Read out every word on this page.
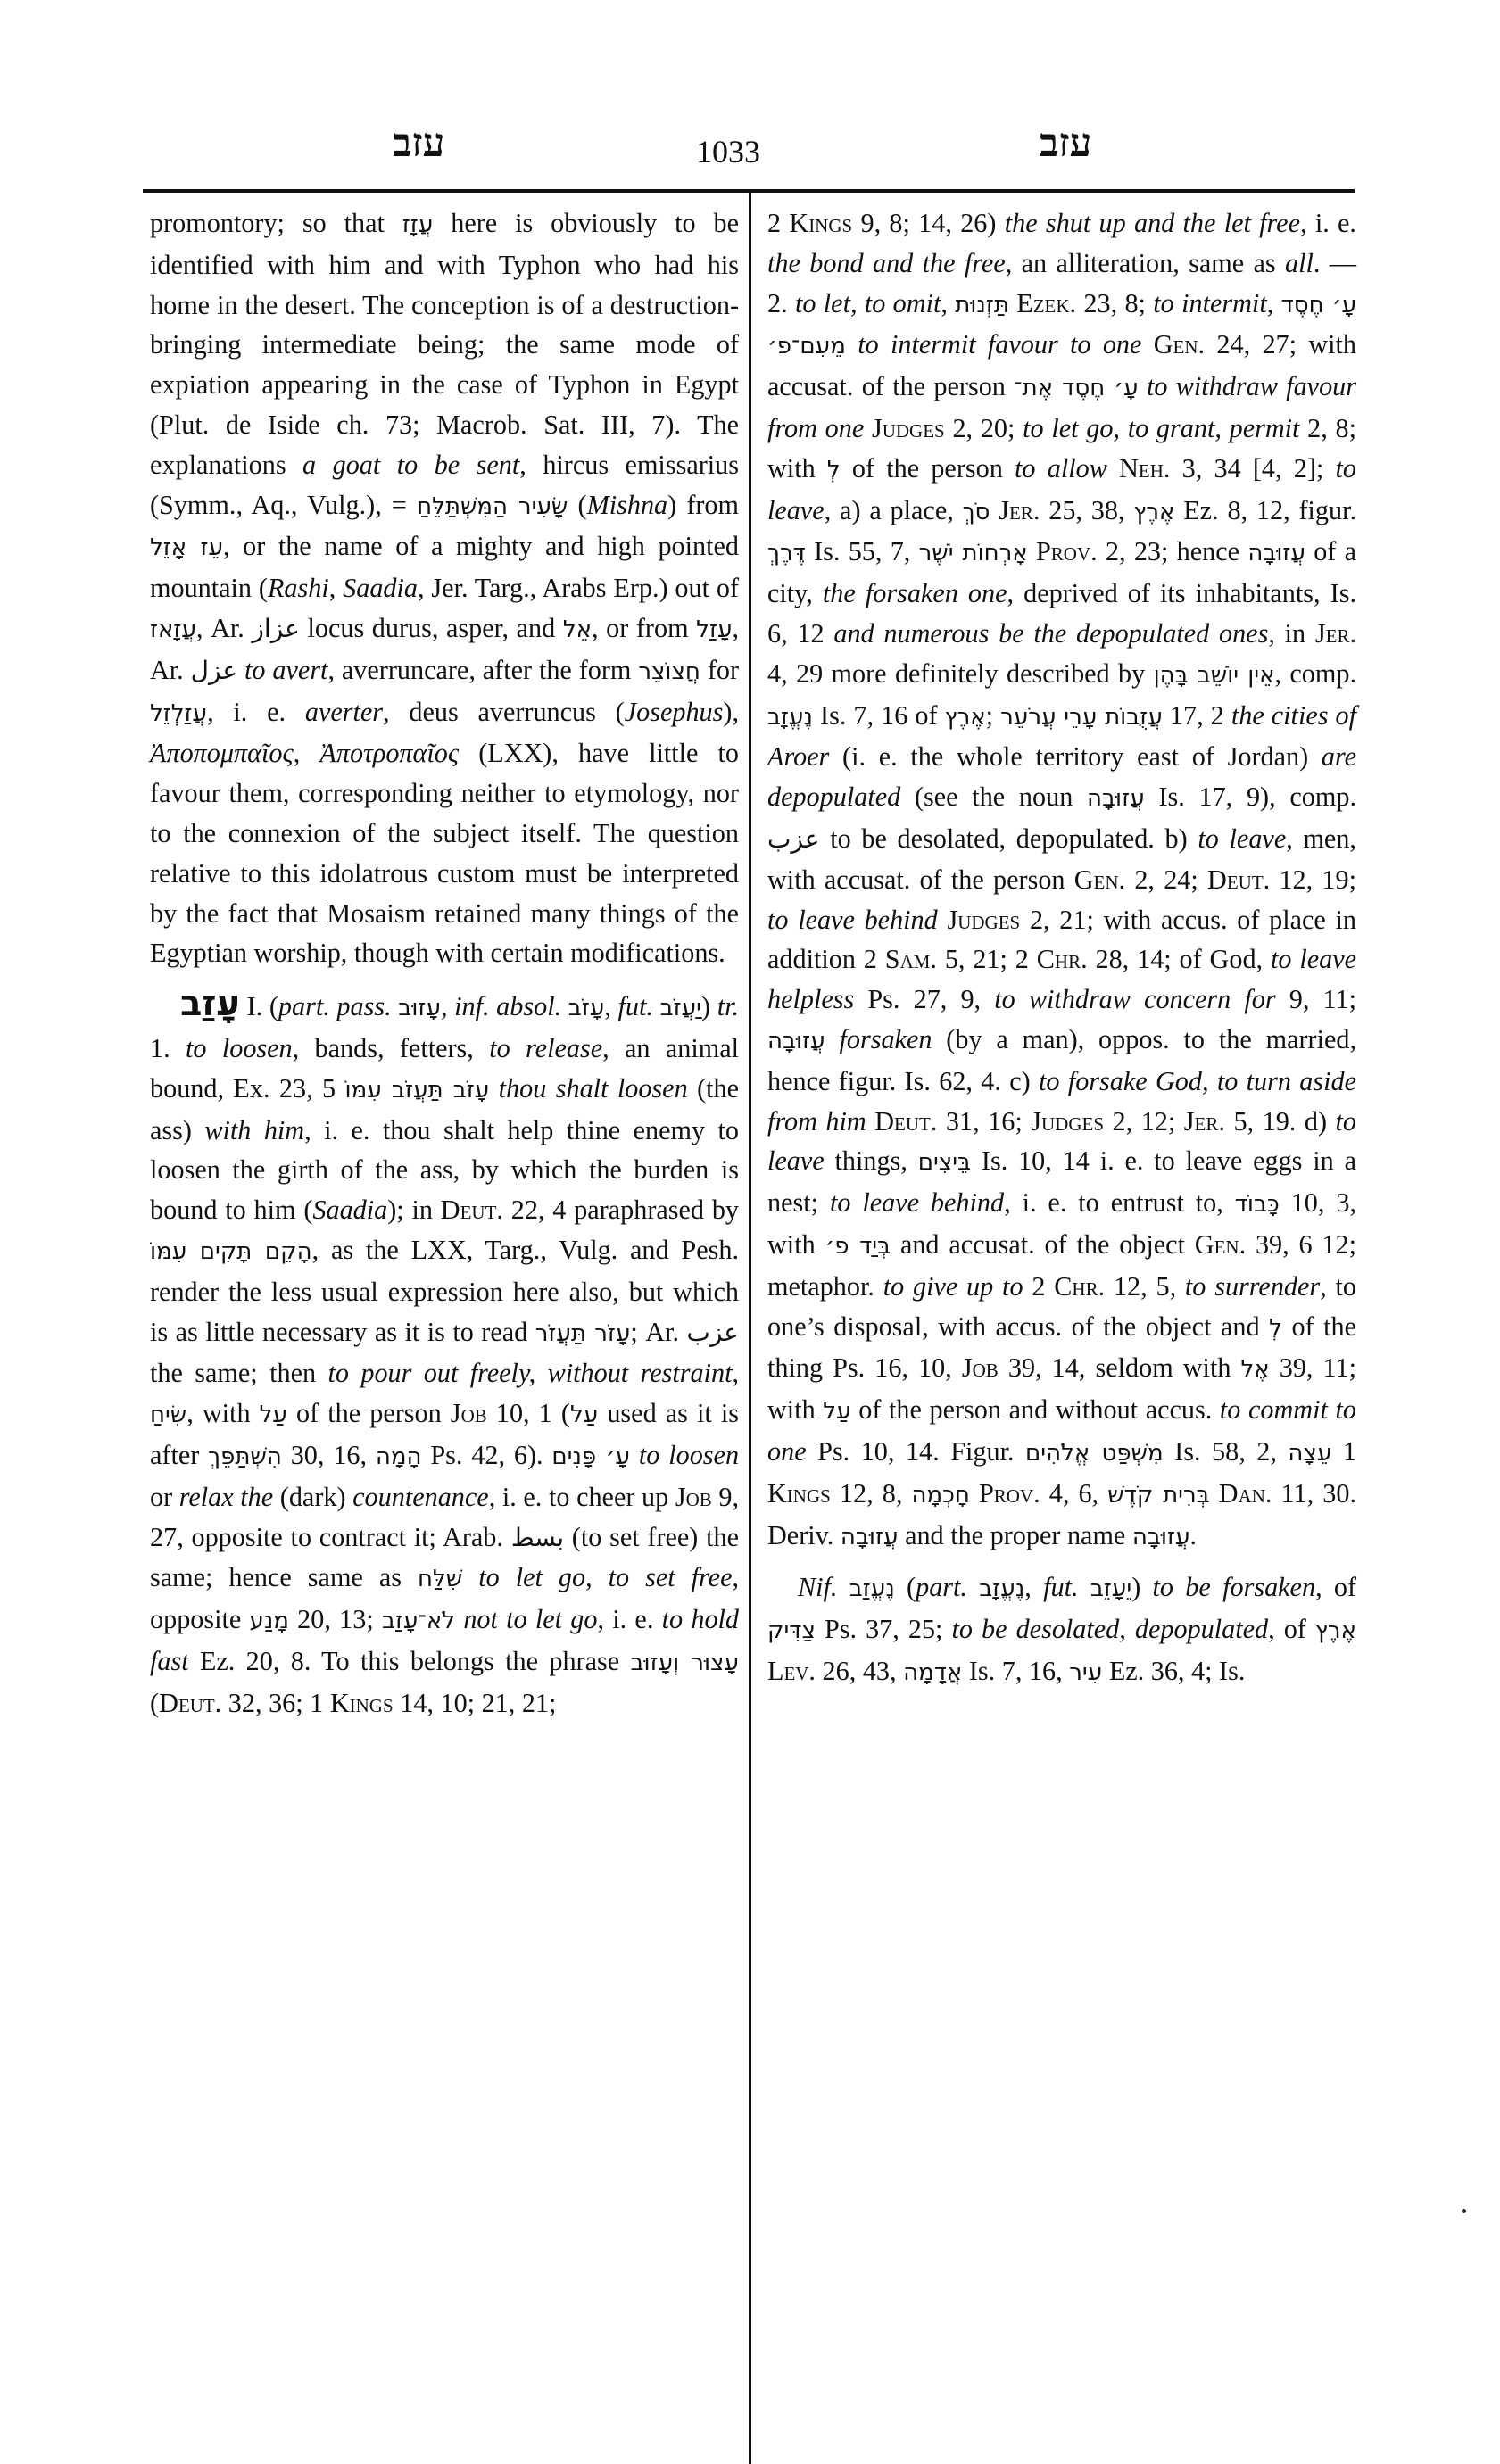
עזב	1033	עזב

promontory; so that עֲזָז here is obviously to be identified with him and with Typhon who had his home in the desert. The conception is of a destruction-bringing intermediate being; the same mode of expiation appearing in the case of Typhon in Egypt (Plut. de Iside ch. 73; Macrob. Sat. III, 7). The explanations a goat to be sent, hircus emissarius (Symm., Aq., Vulg.), = שָׂעִיר הַמִּשְׁתַּלֵּחַ (Mishna) from עֵז אָזֵל, or the name of a mighty and high pointed mountain (Rashi, Saadia, Jer. Targ., Arabs Erp.) out of עֲזָאז, Ar. عزاز locus durus, asper, and אֵל, or from עָזַל, Ar. عزل to avert, averruncare, after the form חֲצוֹצֵר for עֲזַלְזֵל, i. e. averter, deus averruncus (Josephus), Ἀποπομπαῖος, Ἀποτροπαῖος (LXX), have little to favour them, corresponding neither to etymology, nor to the connexion of the subject itself. The question relative to this idolatrous custom must be interpreted by the fact that Mosaism retained many things of the Egyptian worship, though with certain modifications.

עָזַב I. (part. pass. עָזוּב, inf. absol. עָזֹב, fut. יַעֲזֹב) tr. 1. to loosen, bands, fetters, to release, an animal bound, Ex. 23, 5 עָזֹב תַּעֲזֹב עִמּוֹ thou shalt loosen (the ass) with him, i. e. thou shalt help thine enemy to loosen the girth of the ass, by which the burden is bound to him (Saadia); in Deut. 22, 4 paraphrased by הָקֵם תָּקִים עִמּוֹ, as the LXX, Targ., Vulg. and Pesh. render the less usual expression here also, but which is as little necessary as it is to read עָזֹר תַּעֲזֹר; Ar. عزب the same; then to pour out freely, without restraint, שִׂיחַ, with עַל of the person Job 10, 1 (עַל used as it is after הִשְׁתַּפֵּךְ 30, 16, הָמָה Ps. 42, 6). עָ׳ פָּנִים to loosen or relax the (dark) countenance, i. e. to cheer up Job 9, 27, opposite to contract it; Arab. بسط (to set free) the same; hence same as שִׁלַּח to let go, to set free, opposite מָנַע 20, 13; לֹא־עָזַב not to let go, i. e. to hold fast Ez. 20, 8. To this belongs the phrase עָצוּר וְעָזוּב (Deut. 32, 36; 1 Kings 14, 10; 21, 21;

2 Kings 9, 8; 14, 26) the shut up and the let free, i. e. the bond and the free, an alliteration, same as all. — 2. to let, to omit, תַּזְנוּת Ezek. 23, 8; to intermit, עָ׳ חֶסֶד מֵעִם־פ׳ to intermit favour to one Gen. 24, 27; with accusat. of the person עָ׳ חֶסֶד אֶת־ to withdraw favour from one Judges 2, 20; to let go, to grant, permit 2, 8; with לְ of the person to allow Neh. 3, 34 [4, 2]; to leave, a) a place, סֹךְ Jer. 25, 38, אֶרֶץ Ez. 8, 12, figur. דֶּרֶךְ Is. 55, 7, אָרְחוֹת יֹשֶׁר Prov. 2, 23; hence עֲזוּבָה of a city, the forsaken one, deprived of its inhabitants, Is. 6, 12 and numerous be the depopulated ones, in Jer. 4, 29 more definitely described by אֵין יוֹשֵׁב בָּהֶן, comp. נֶעֱזָב Is. 7, 16 of אֶרֶץ; עֲזֻבוֹת עָרֵי עֲרֹעֵר 17, 2 the cities of Aroer (i. e. the whole territory east of Jordan) are depopulated (see the noun עֲזוּבָה Is. 17, 9), comp. عزب to be desolated, depopulated. b) to leave, men, with accusat. of the person Gen. 2, 24; Deut. 12, 19; to leave behind Judges 2, 21; with accus. of place in addition 2 Sam. 5, 21; 2 Chr. 28, 14; of God, to leave helpless Ps. 27, 9, to withdraw concern for 9, 11; עֲזוּבָה forsaken (by a man), oppos. to the married, hence figur. Is. 62, 4. c) to forsake God, to turn aside from him Deut. 31, 16; Judges 2, 12; Jer. 5, 19. d) to leave things, בֵּיצִים Is. 10, 14 i. e. to leave eggs in a nest; to leave behind, i. e. to entrust to, כָּבוֹד 10, 3, with בְּיַד פ׳ and accusat. of the object Gen. 39, 6 12; metaphor. to give up to 2 Chr. 12, 5, to surrender, to one’s disposal, with accus. of the object and לְ of the thing Ps. 16, 10, Job 39, 14, seldom with אֶל 39, 11; with עַל of the person and without accus. to commit to one Ps. 10, 14. Figur. מִשְׁפַּט אֱלֹהִים Is. 58, 2, עֵצָה 1 Kings 12, 8, חָכְמָה Prov. 4, 6, בְּרִית קֹדֶשׁ Dan. 11, 30. Deriv. עֲזוּבָה and the proper name עֲזוּבָה.

Nif. נֶעֱזַב (part. נֶעֱזָב, fut. יֵעָזֵב) to be forsaken, of צַדִּיק Ps. 37, 25; to be desolated, depopulated, of אֶרֶץ Lev. 26, 43, אֲדָמָה Is. 7, 16, עִיר Ez. 36, 4; Is.
